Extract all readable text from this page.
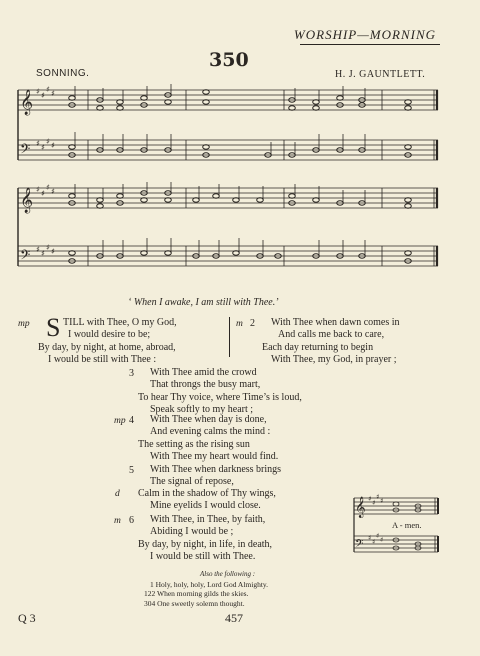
WORSHIP—MORNING
350
SONNING.	H. J. GAUNTLETT.
𝄞
𝄢
♯ ♯
♯ ♯
♯ ♯
♯ ♯
𝄞
𝄢
♯ ♯
♯ ♯
♯ ♯
♯ ♯
‘ When I awake, I am still with Thee.’
mp S TILL with Thee, O my God,
I would desire to be;
By day, by night, at home, abroad,
I would be still with Thee :
m 2	With Thee when dawn comes in
And calls me back to care,
Each day returning to begin
With Thee, my God, in prayer ;
3	With Thee amid the crowd
That throngs the busy mart,
To hear Thy voice, where Time’s is loud,
Speak softly to my heart ;
mp 4	With Thee when day is done,
And evening calms the mind :
The setting as the rising sun
With Thee my heart would find.
5	With Thee when darkness brings
The signal of repose,
d Calm in the shadow of Thy wings,
Mine eyelids I would close.
m 6	With Thee, in Thee, by faith,
Abiding I would be ;
By day, by night, in life, in death,
I would be still with Thee.
𝄞
𝄢
♯ ♯
♯ ♯
♯ ♯
♯ ♯
A - men.
Also the following :
1 Holy, holy, holy, Lord God Almighty.
122 When morning gilds the skies.
304 One sweetly solemn thought.
Q 3	457
